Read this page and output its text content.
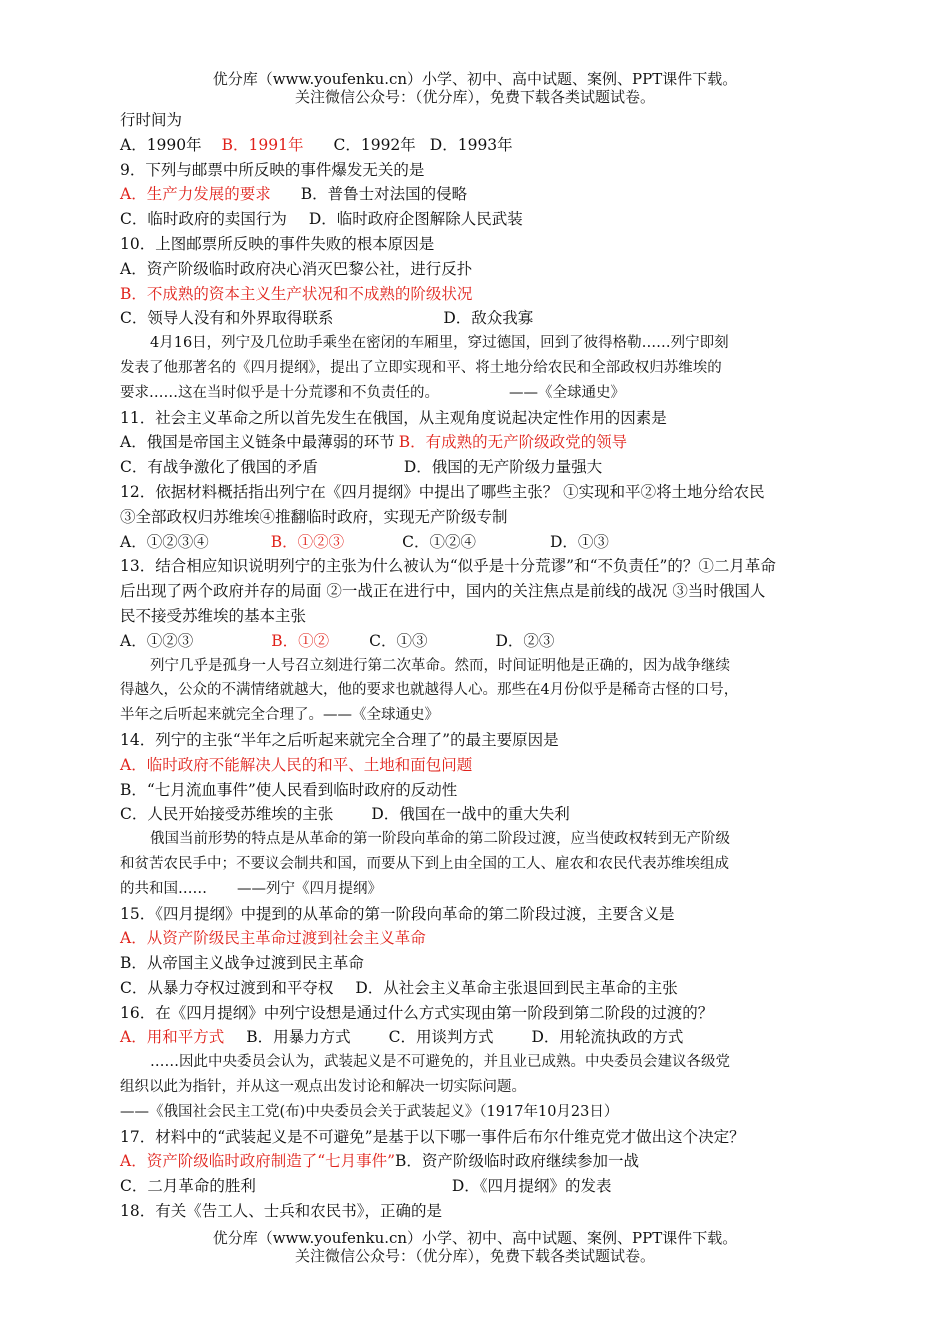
优分库（www.youfenku.cn）小学、初中、高中试题、案例、PPT课件下载。
关注微信公众号：（优分库），免费下载各类试题试卷。
行时间为
A．1990年 B．1991年 C．1992年 D．1993年
9．下列与邮票中所反映的事件爆发无关的是
A．生产力发展的要求 B．普鲁士对法国的侵略
C．临时政府的卖国行为 D．临时政府企图解除人民武装
10．上图邮票所反映的事件失败的根本原因是
A．资产阶级临时政府决心消灭巴黎公社，进行反扑
B．不成熟的资本主义生产状况和不成熟的阶级状况
C．领导人没有和外界取得联系	D．敌众我寡
4月16日，列宁及几位助手乘坐在密闭的车厢里，穿过德国，回到了彼得格勒……列宁即刻
发表了他那著名的《四月提纲》，提出了立即实现和平、将土地分给农民和全部政权归苏维埃的
要求……这在当时似乎是十分荒谬和不负责任的。	——《全球通史》
11．社会主义革命之所以首先发生在俄国，从主观角度说起决定性作用的因素是
A．俄国是帝国主义链条中最薄弱的环节 B．有成熟的无产阶级政党的领导
C．有战争激化了俄国的矛盾	D．俄国的无产阶级力量强大
12．依据材料概括指出列宁在《四月提纲》中提出了哪些主张？ ①实现和平②将土地分给农民
③全部政权归苏维埃④推翻临时政府，实现无产阶级专制
A．①②③④	B．①②③	C．①②④	D．①③
13．结合相应知识说明列宁的主张为什么被认为“似乎是十分荒谬”和“不负责任”的？①二月革命
后出现了两个政府并存的局面 ②一战正在进行中，国内的关注焦点是前线的战况 ③当时俄国人
民不接受苏维埃的基本主张
A．①②③	B．①②	C．①③	D．②③
列宁几乎是孤身一人号召立刻进行第二次革命。然而，时间证明他是正确的，因为战争继续
得越久，公众的不满情绪就越大，他的要求也就越得人心。那些在4月份似乎是稀奇古怪的口号，
半年之后听起来就完全合理了。——《全球通史》
14．列宁的主张“半年之后听起来就完全合理了”的最主要原因是
A．临时政府不能解决人民的和平、土地和面包问题
B．“七月流血事件”使人民看到临时政府的反动性
C．人民开始接受苏维埃的主张 D．俄国在一战中的重大失利
俄国当前形势的特点是从革命的第一阶段向革命的第二阶段过渡，应当使政权转到无产阶级
和贫苦农民手中；不要议会制共和国，而要从下到上由全国的工人、雇农和农民代表苏维埃组成
的共和国…… ——列宁《四月提纲》
15．《四月提纲》中提到的从革命的第一阶段向革命的第二阶段过渡，主要含义是
A．从资产阶级民主革命过渡到社会主义革命
B．从帝国主义战争过渡到民主革命
C．从暴力夺权过渡到和平夺权 D．从社会主义革命主张退回到民主革命的主张
16．在《四月提纲》中列宁设想是通过什么方式实现由第一阶段到第二阶段的过渡的？
A．用和平方式 B．用暴力方式 C．用谈判方式 D．用轮流执政的方式
……因此中央委员会认为，武装起义是不可避免的，并且业已成熟。中央委员会建议各级党
组织以此为指针，并从这一观点出发讨论和解决一切实际问题。
——《俄国社会民主工党(布)中央委员会关于武装起义》（1917年10月23日）
17．材料中的“武装起义是不可避免”是基于以下哪一事件后布尔什维克党才做出这个决定？
A．资产阶级临时政府制造了“七月事件”B．资产阶级临时政府继续参加一战
C．二月革命的胜利	D．《四月提纲》的发表
18．有关《告工人、士兵和农民书》，正确的是
优分库（www.youfenku.cn）小学、初中、高中试题、案例、PPT课件下载。
关注微信公众号：（优分库），免费下载各类试题试卷。
